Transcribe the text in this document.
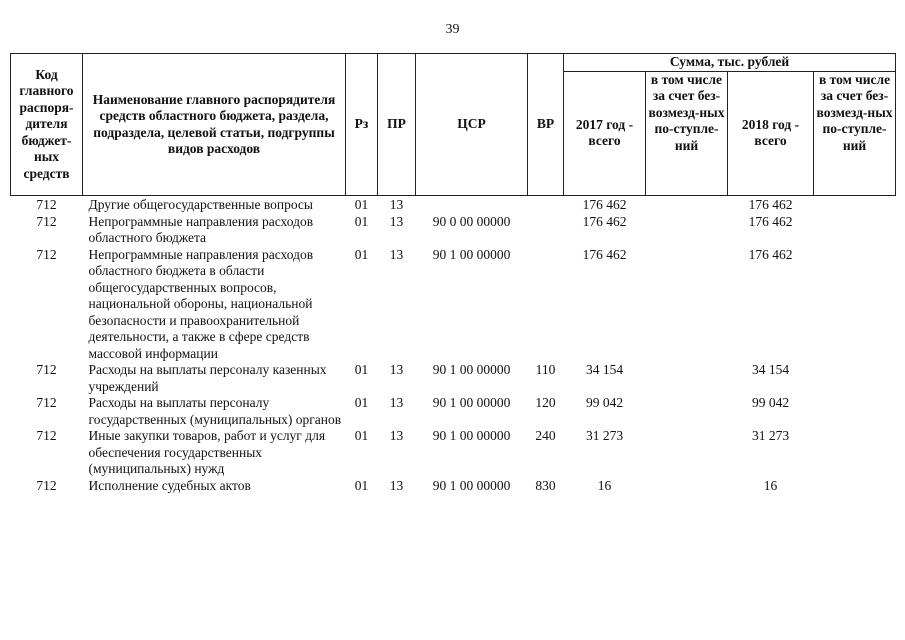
39
Код главного распоря-дителя бюджет-ных средств	Наименование главного распорядителя средств областного бюджета, раздела, подраздела, целевой статьи, подгруппы видов расходов	Рз	ПР	ЦСР	ВР	Сумма, тыс. рублей			
						2017 год - всего	в том числе за счет без-возмезд-ных по-ступле-ний	2018 год - всего	в том числе за счет без-возмезд-ных по-ступле-ний
712	Другие общегосударственные вопросы	01	13			176 462		176 462	
712	Непрограммные направления расходов областного бюджета	01	13	90 0 00 00000		176 462		176 462	
712	Непрограммные направления расходов областного бюджета в области общегосударственных вопросов, национальной обороны, национальной безопасности и правоохранительной деятельности, а также в сфере средств массовой информации	01	13	90 1 00 00000		176 462		176 462	
712	Расходы на выплаты персоналу казенных учреждений	01	13	90 1 00 00000	110	34 154		34 154	
712	Расходы на выплаты персоналу государственных (муниципальных) органов	01	13	90 1 00 00000	120	99 042		99 042	
712	Иные закупки товаров, работ и услуг для обеспечения государственных (муниципальных) нужд	01	13	90 1 00 00000	240	31 273		31 273	
712	Исполнение судебных актов	01	13	90 1 00 00000	830	16		16	
